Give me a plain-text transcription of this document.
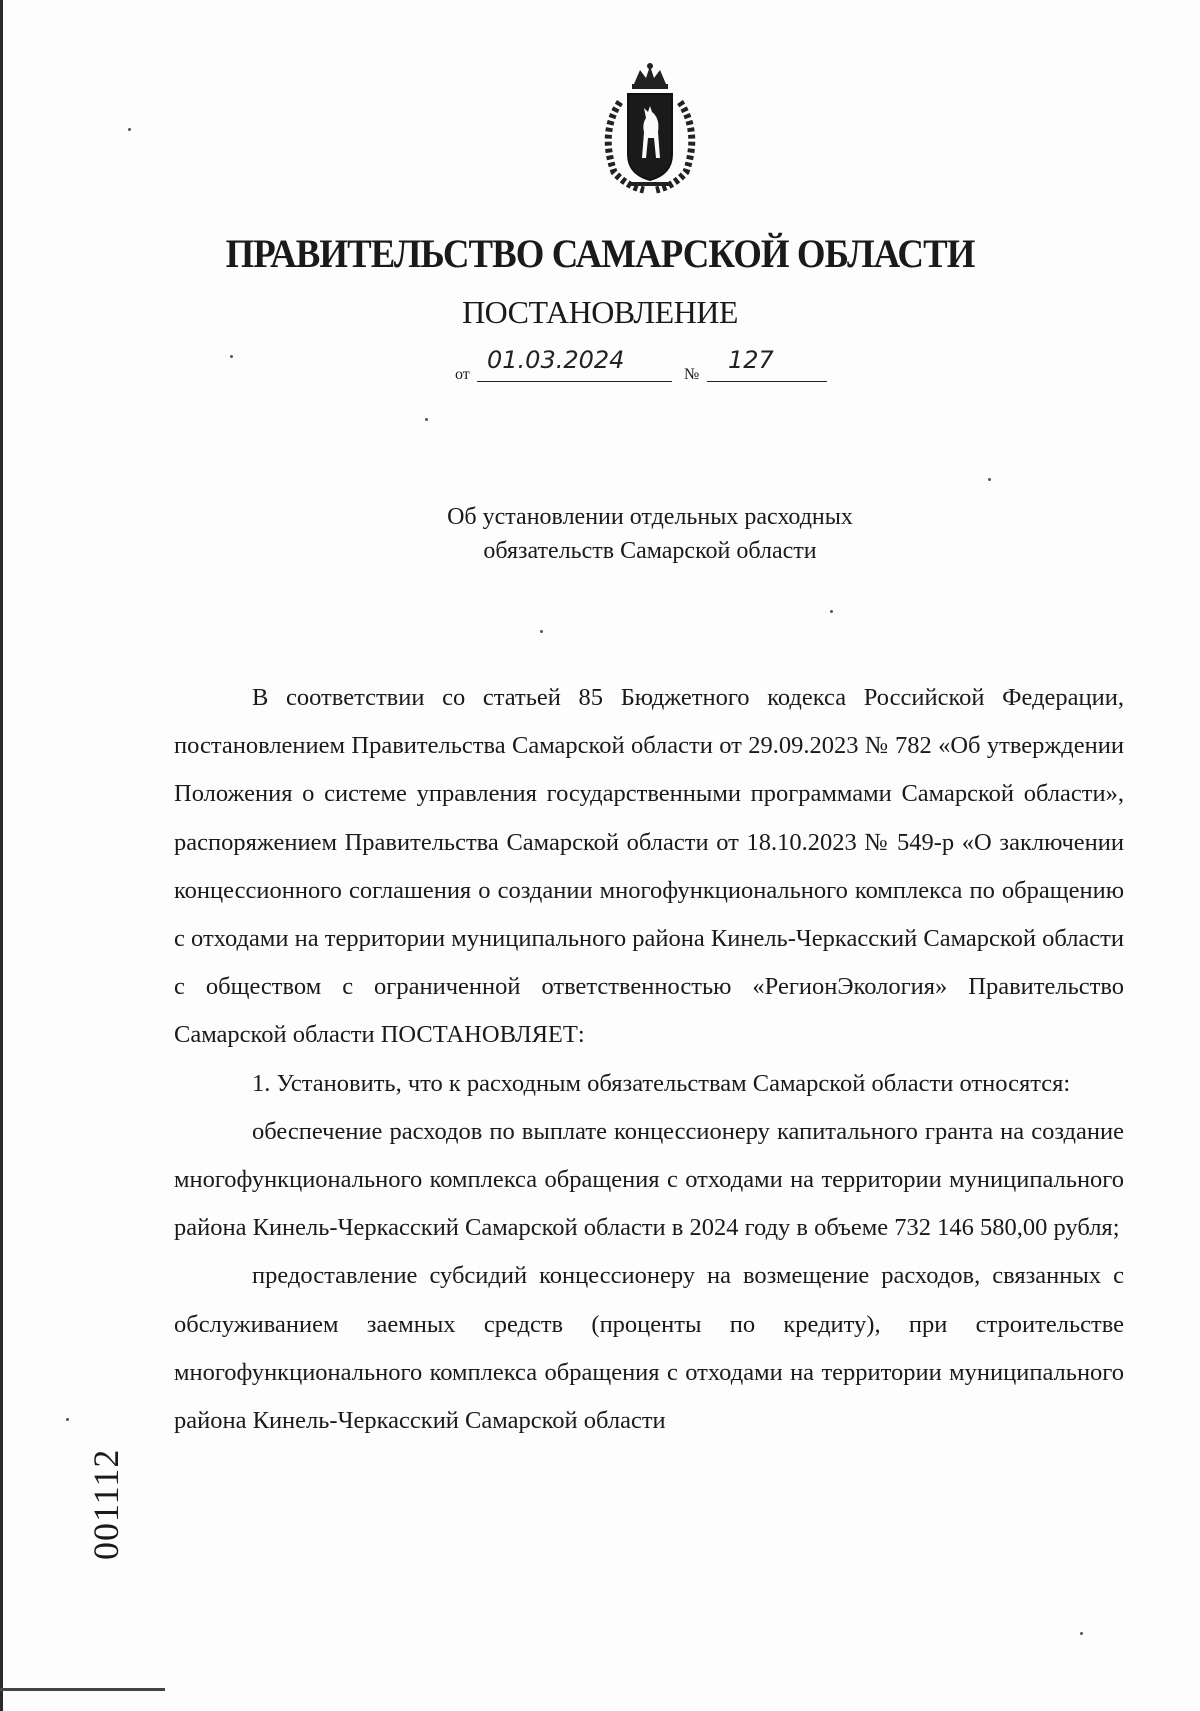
ПРАВИТЕЛЬСТВО САМАРСКОЙ ОБЛАСТИ
ПОСТАНОВЛЕНИЕ
от
01.03.2024
№
127
Об установлении отдельных расходных
обязательств Самарской области

В соответствии со статьей 85 Бюджетного кодекса Российской Федерации, постановлением Правительства Самарской области от 29.09.2023 № 782 «Об утверждении Положения о системе управления государственными программами Самарской области», распоряжением Правительства Самарской области от 18.10.2023 № 549-р «О заключении концессионного соглашения о создании многофункционального комплекса по обращению с отходами на территории муниципального района Кинель-Черкасский Самарской области с обществом с ограниченной ответственностью «РегионЭкология» Правительство Самарской области ПОСТАНОВЛЯЕТ:

1. Установить, что к расходным обязательствам Самарской области относятся:

обеспечение расходов по выплате концессионеру капитального гранта на создание многофункционального комплекса обращения с отходами на территории муниципального района Кинель-Черкасский Самарской области в 2024 году в объеме 732 146 580,00 рубля;

предоставление субсидий концессионеру на возмещение расходов, связанных с обслуживанием заемных средств (проценты по кредиту), при строительстве многофункционального комплекса обращения с отходами на территории муниципального района Кинель-Черкасский Самарской области

001112
